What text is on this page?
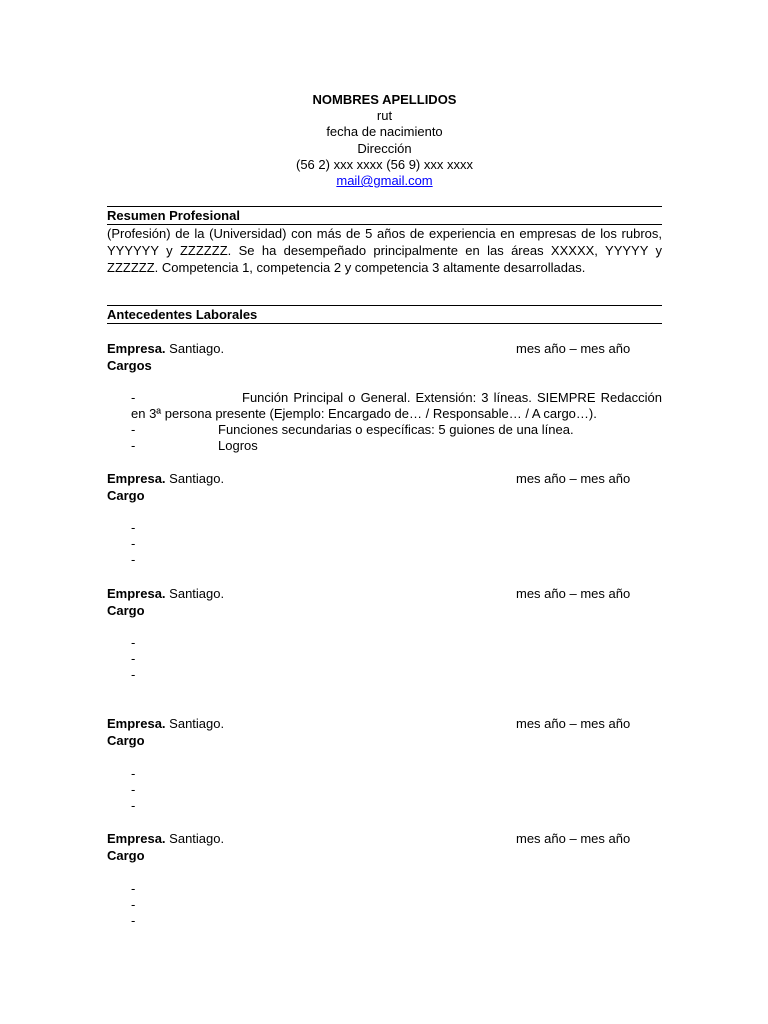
NOMBRES APELLIDOS
rut
fecha de nacimiento
Dirección
(56 2) xxx xxxx (56 9) xxx xxxx
mail@gmail.com
Resumen Profesional
(Profesión) de la (Universidad) con más de 5 años de experiencia en empresas de los rubros, YYYYYY y ZZZZZZ. Se ha desempeñado principalmente en las áreas XXXXX, YYYYY y ZZZZZZ. Competencia 1, competencia 2 y competencia 3 altamente desarrolladas.
Antecedentes Laborales
Empresa. Santiago.	mes año – mes año
Cargos
-	Función Principal o General. Extensión: 3 líneas. SIEMPRE Redacción en 3ª persona presente (Ejemplo: Encargado de… / Responsable… / A cargo…).
-	Funciones secundarias o específicas: 5 guiones de una línea.
-	Logros
Empresa. Santiago.	mes año – mes año
Cargo
-
-
-
Empresa. Santiago.	mes año – mes año
Cargo
-
-
-
Empresa. Santiago.	mes año – mes año
Cargo
-
-
-
Empresa. Santiago.	mes año – mes año
Cargo
-
-
-
